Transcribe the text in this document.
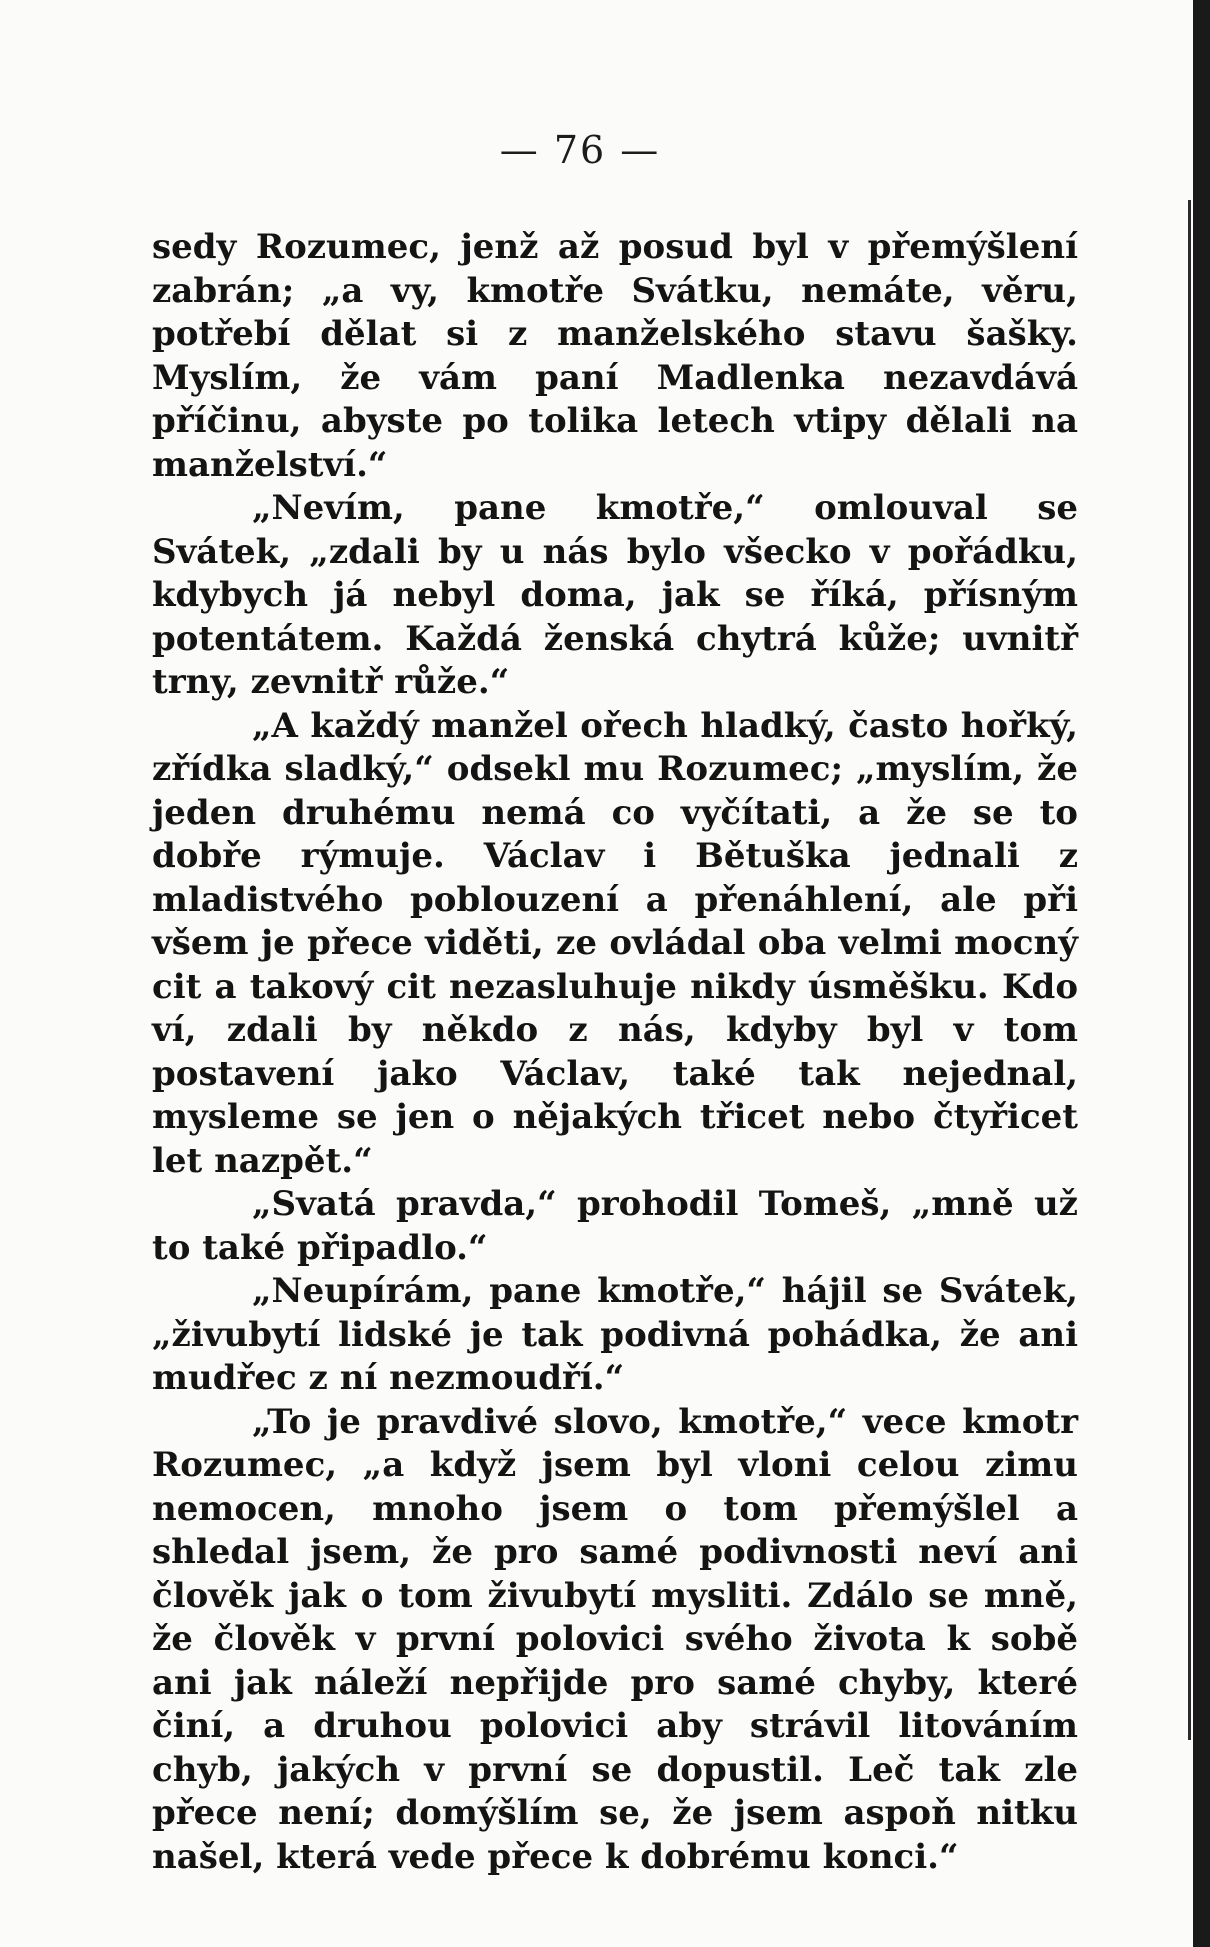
— 76 —

sedy Rozumec, jenž až posud byl v přemýšlení zabrán; „a vy, kmotře Svátku, nemáte, věru, potřebí dělat si z manželského stavu šašky. Myslím, že vám paní Madlenka nezavdává příčinu, abyste po tolika letech vtipy dělali na manželství.“

„Nevím, pane kmotře,“ omlouval se Svátek, „zdali by u nás bylo všecko v pořádku, kdybych já nebyl doma, jak se říká, přísným potentátem. Každá ženská chytrá kůže; uvnitř trny, zevnitř růže.“

„A každý manžel ořech hladký, často hořký, zřídka sladký,“ odsekl mu Rozumec; „myslím, že jeden druhému nemá co vyčítati, a že se to dobře rýmuje. Václav i Bětuška jednali z mladistvého poblouzení a přenáhlení, ale při všem je přece viděti, ze ovládal oba velmi mocný cit a takový cit nezasluhuje nikdy úsměšku. Kdo ví, zdali by někdo z nás, kdyby byl v tom postavení jako Václav, také tak nejednal, mysleme se jen o nějakých třicet nebo čtyřicet let nazpět.“

„Svatá pravda,“ prohodil Tomeš, „mně už to také připadlo.“

„Neupírám, pane kmotře,“ hájil se Svátek, „živubytí lidské je tak podivná pohádka, že ani mudřec z ní nezmoudří.“

„To je pravdivé slovo, kmotře,“ vece kmotr Rozumec, „a když jsem byl vloni celou zimu nemocen, mnoho jsem o tom přemýšlel a shledal jsem, že pro samé podivnosti neví ani člověk jak o tom živubytí mysliti. Zdálo se mně, že člověk v první polovici svého života k sobě ani jak náleží nepřijde pro samé chyby, které činí, a druhou polovici aby strávil litováním chyb, jakých v první se dopustil. Leč tak zle přece není; domýšlím se, že jsem aspoň nitku našel, která vede přece k dobrému konci.“
